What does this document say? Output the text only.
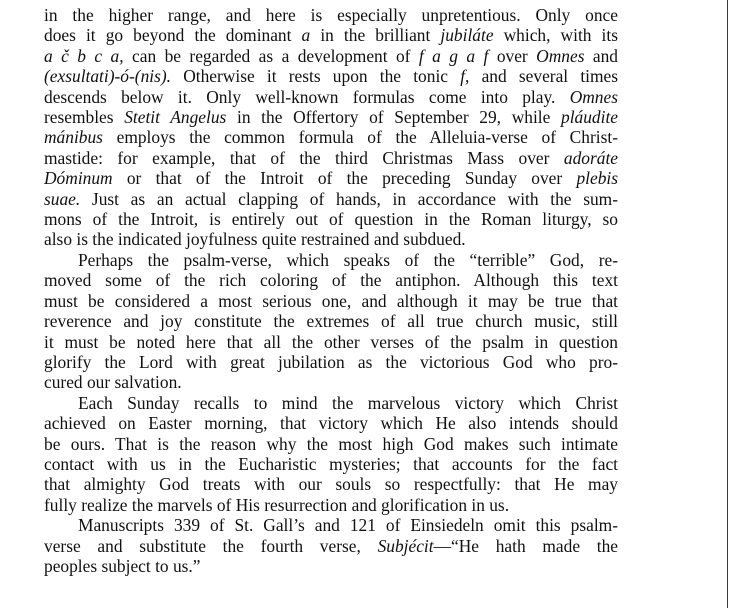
in the higher range, and here is especially unpretentious. Only once
does it go beyond the dominant a in the brilliant jubiláte which, with its
a č b c a, can be regarded as a development of f a g a f over Omnes and
(exsultati)-ó-(nis). Otherwise it rests upon the tonic f, and several times
descends below it. Only well-known formulas come into play. Omnes
resembles Stetit Angelus in the Offertory of September 29, while pláudite
mánibus employs the common formula of the Alleluia-verse of Christ-
mastide: for example, that of the third Christmas Mass over adoráte
Dóminum or that of the Introit of the preceding Sunday over plebis
suae. Just as an actual clapping of hands, in accordance with the sum-
mons of the Introit, is entirely out of question in the Roman liturgy, so
also is the indicated joyfulness quite restrained and subdued.
Perhaps the psalm-verse, which speaks of the “terrible” God, re-
moved some of the rich coloring of the antiphon. Although this text
must be considered a most serious one, and although it may be true that
reverence and joy constitute the extremes of all true church music, still
it must be noted here that all the other verses of the psalm in question
glorify the Lord with great jubilation as the victorious God who pro-
cured our salvation.
Each Sunday recalls to mind the marvelous victory which Christ
achieved on Easter morning, that victory which He also intends should
be ours. That is the reason why the most high God makes such intimate
contact with us in the Eucharistic mysteries; that accounts for the fact
that almighty God treats with our souls so respectfully: that He may
fully realize the marvels of His resurrection and glorification in us.
Manuscripts 339 of St. Gall’s and 121 of Einsiedeln omit this psalm-
verse and substitute the fourth verse, Subjécit—“He hath made the
peoples subject to us.”
